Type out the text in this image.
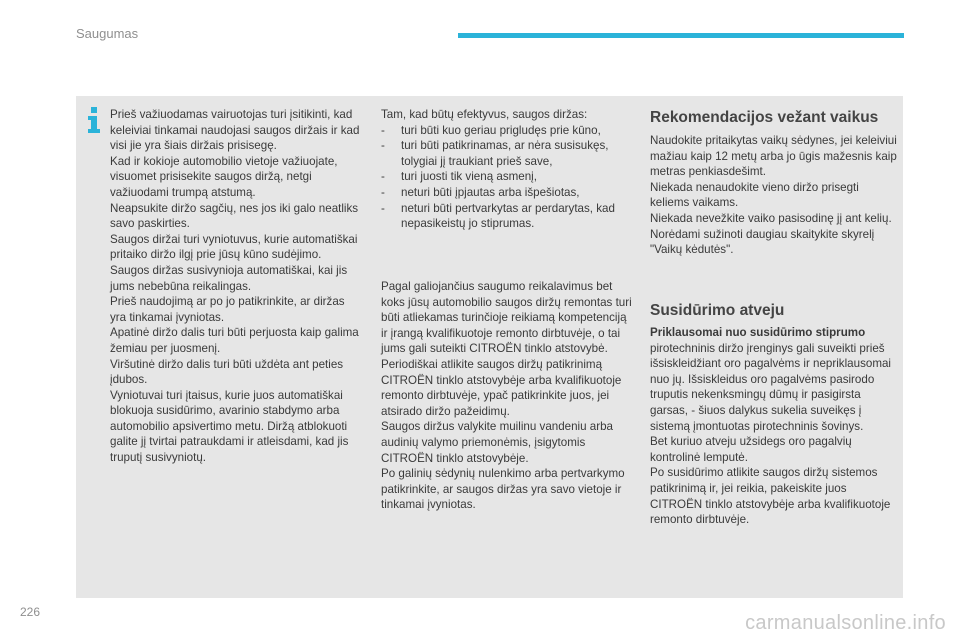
Saugumas

Prieš važiuodamas vairuotojas turi įsitikinti, kad keleiviai tinkamai naudojasi saugos diržais ir kad visi jie yra šiais diržais prisisegę.

Kad ir kokioje automobilio vietoje važiuojate, visuomet prisisekite saugos diržą, netgi važiuodami trumpą atstumą.

Neapsukite diržo sagčių, nes jos iki galo neatliks savo paskirties.

Saugos diržai turi vyniotuvus, kurie automatiškai pritaiko diržo ilgį prie jūsų kūno sudėjimo. Saugos diržas susivynioja automatiškai, kai jis jums nebebūna reikalingas.

Prieš naudojimą ar po jo patikrinkite, ar diržas yra tinkamai įvyniotas.

Apatinė diržo dalis turi būti perjuosta kaip galima žemiau per juosmenį.

Viršutinė diržo dalis turi būti uždėta ant peties įdubos.

Vyniotuvai turi įtaisus, kurie juos automatiškai blokuoja susidūrimo, avarinio stabdymo arba automobilio apsivertimo metu. Diržą atblokuoti galite jį tvirtai patraukdami ir atleisdami, kad jis truputį susivyniotų.

Tam, kad būtų efektyvus, saugos diržas:

- turi būti kuo geriau prigludęs prie kūno,
- turi būti patikrinamas, ar nėra susisukęs, tolygiai jį traukiant prieš save,
- turi juosti tik vieną asmenį,
- neturi būti įpjautas arba išpešiotas,
- neturi būti pertvarkytas ar perdarytas, kad nepasikeistų jo stiprumas.

Pagal galiojančius saugumo reikalavimus bet koks jūsų automobilio saugos diržų remontas turi būti atliekamas turinčioje reikiamą kompetenciją ir įrangą kvalifikuotoje remonto dirbtuvėje, o tai jums gali suteikti CITROËN tinklo atstovybė.

Periodiškai atlikite saugos diržų patikrinimą CITROËN tinklo atstovybėje arba kvalifikuotoje remonto dirbtuvėje, ypač patikrinkite juos, jei atsirado diržo pažeidimų.

Saugos diržus valykite muilinu vandeniu arba audinių valymo priemonėmis, įsigytomis CITROËN tinklo atstovybėje.

Po galinių sėdynių nulenkimo arba pertvarkymo patikrinkite, ar saugos diržas yra savo vietoje ir tinkamai įvyniotas.

Rekomendacijos vežant vaikus

Naudokite pritaikytas vaikų sėdynes, jei keleiviui mažiau kaip 12 metų arba jo ūgis mažesnis kaip metras penkiasdešimt.

Niekada nenaudokite vieno diržo prisegti keliems vaikams.

Niekada nevežkite vaiko pasisodinę jį ant kelių.

Norėdami sužinoti daugiau skaitykite skyrelį "Vaikų kėdutės".

Susidūrimo atveju

Priklausomai nuo susidūrimo stiprumo pirotechninis diržo įrenginys gali suveikti prieš išsiskleidžiant oro pagalvėms ir nepriklausomai nuo jų. Išsiskleidus oro pagalvėms pasirodo truputis nekenksmingų dūmų ir pasigirsta garsas, - šiuos dalykus sukelia suveikęs į sistemą įmontuotas pirotechninis šovinys.

Bet kuriuo atveju užsidegs oro pagalvių kontrolinė lemputė.

Po susidūrimo atlikite saugos diržų sistemos patikrinimą ir, jei reikia, pakeiskite juos CITROËN tinklo atstovybėje arba kvalifikuotoje remonto dirbtuvėje.

226	carmanualsonline.info
